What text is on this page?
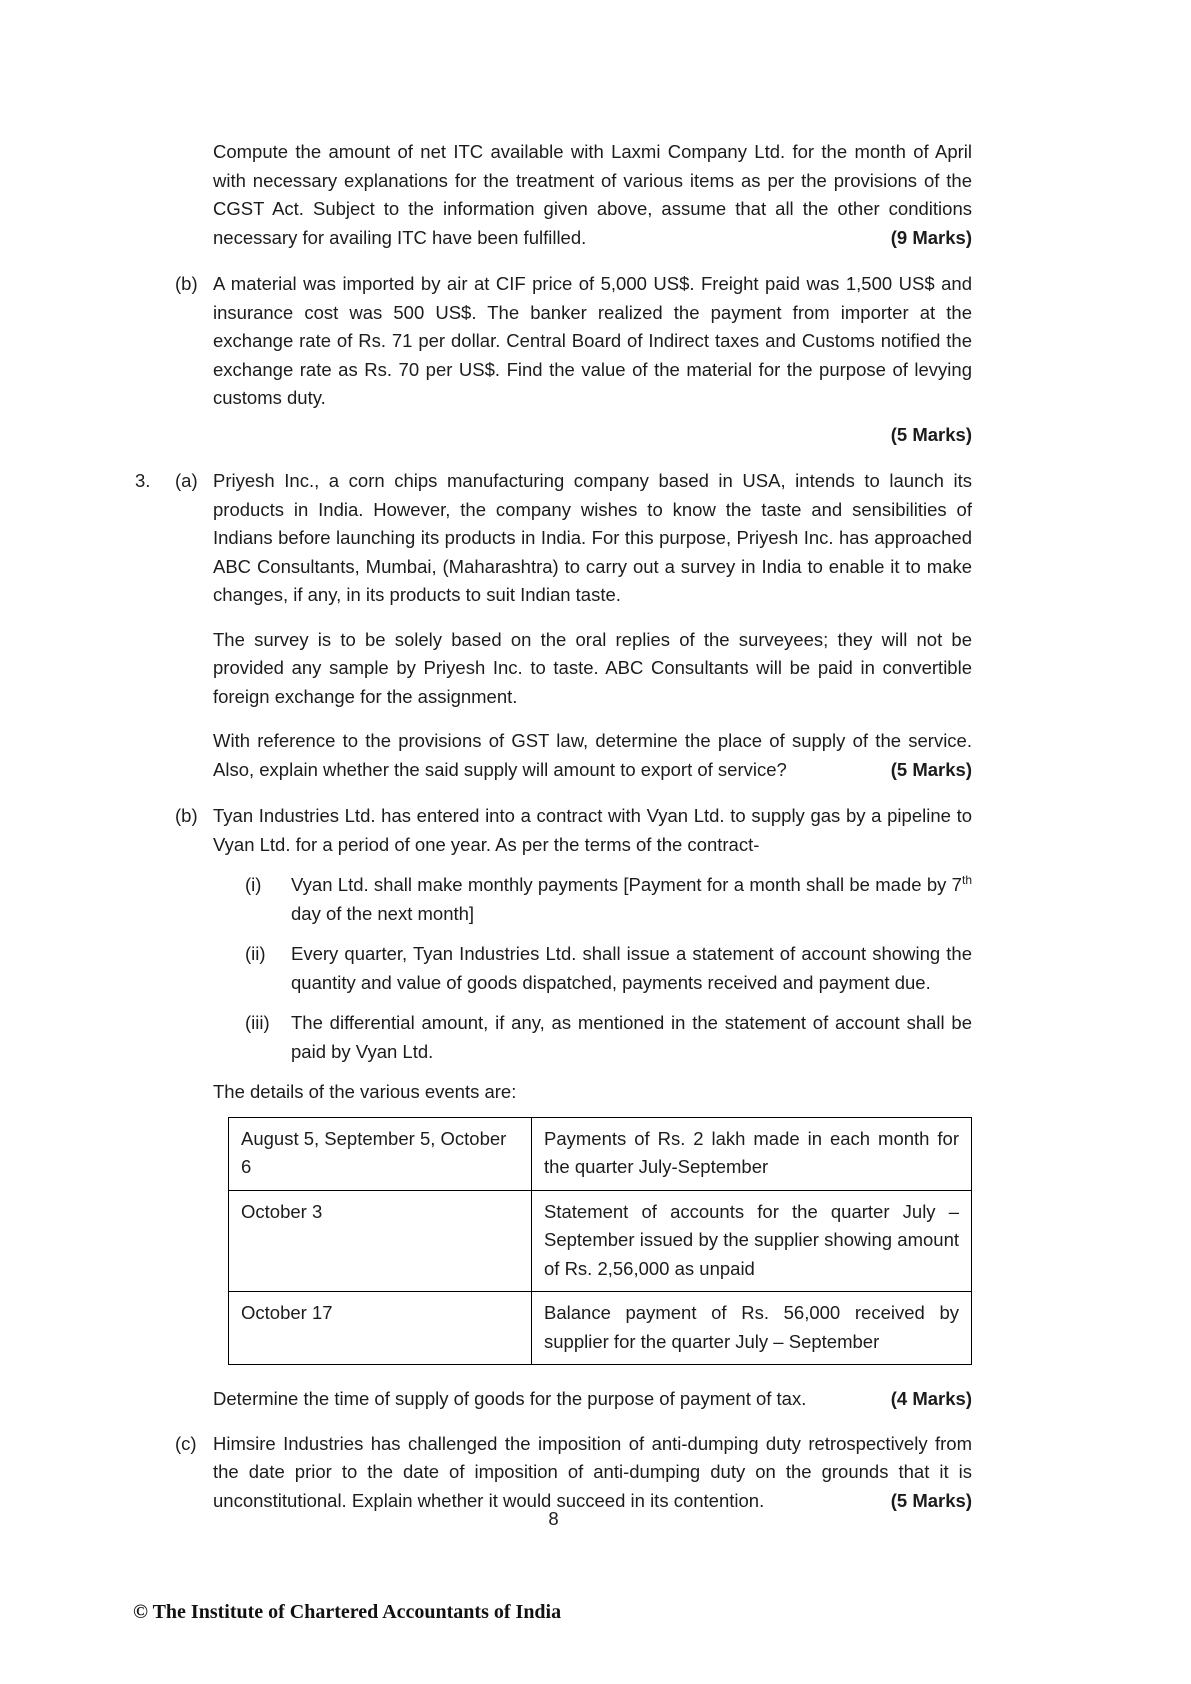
Compute the amount of net ITC available with Laxmi Company Ltd. for the month of April with necessary explanations for the treatment of various items as per the provisions of the CGST Act. Subject to the information given above, assume that all the other conditions necessary for availing ITC have been fulfilled.	(9 Marks)
(b) A material was imported by air at CIF price of 5,000 US$. Freight paid was 1,500 US$ and insurance cost was 500 US$. The banker realized the payment from importer at the exchange rate of Rs. 71 per dollar. Central Board of Indirect taxes and Customs notified the exchange rate as Rs. 70 per US$. Find the value of the material for the purpose of levying customs duty.
(5 Marks)
3.	(a) Priyesh Inc., a corn chips manufacturing company based in USA, intends to launch its products in India. However, the company wishes to know the taste and sensibilities of Indians before launching its products in India. For this purpose, Priyesh Inc. has approached ABC Consultants, Mumbai, (Maharashtra) to carry out a survey in India to enable it to make changes, if any, in its products to suit Indian taste.
The survey is to be solely based on the oral replies of the surveyees; they will not be provided any sample by Priyesh Inc. to taste. ABC Consultants will be paid in convertible foreign exchange for the assignment.
With reference to the provisions of GST law, determine the place of supply of the service. Also, explain whether the said supply will amount to export of service?	(5 Marks)
(b) Tyan Industries Ltd. has entered into a contract with Vyan Ltd. to supply gas by a pipeline to Vyan Ltd. for a period of one year. As per the terms of the contract-
(i)	Vyan Ltd. shall make monthly payments [Payment for a month shall be made by 7th day of the next month]
(ii)	Every quarter, Tyan Industries Ltd. shall issue a statement of account showing the quantity and value of goods dispatched, payments received and payment due.
(iii)	The differential amount, if any, as mentioned in the statement of account shall be paid by Vyan Ltd.
The details of the various events are:
August 5, September 5, October 6	Payments of Rs. 2 lakh made in each month for the quarter July-September
October 3	Statement of accounts for the quarter July – September issued by the supplier showing amount of Rs. 2,56,000 as unpaid
October 17	Balance payment of Rs. 56,000 received by supplier for the quarter July – September
Determine the time of supply of goods for the purpose of payment of tax.	(4 Marks)
(c) Himsire Industries has challenged the imposition of anti-dumping duty retrospectively from the date prior to the date of imposition of anti-dumping duty on the grounds that it is unconstitutional. Explain whether it would succeed in its contention.	(5 Marks)
8
© The Institute of Chartered Accountants of India
